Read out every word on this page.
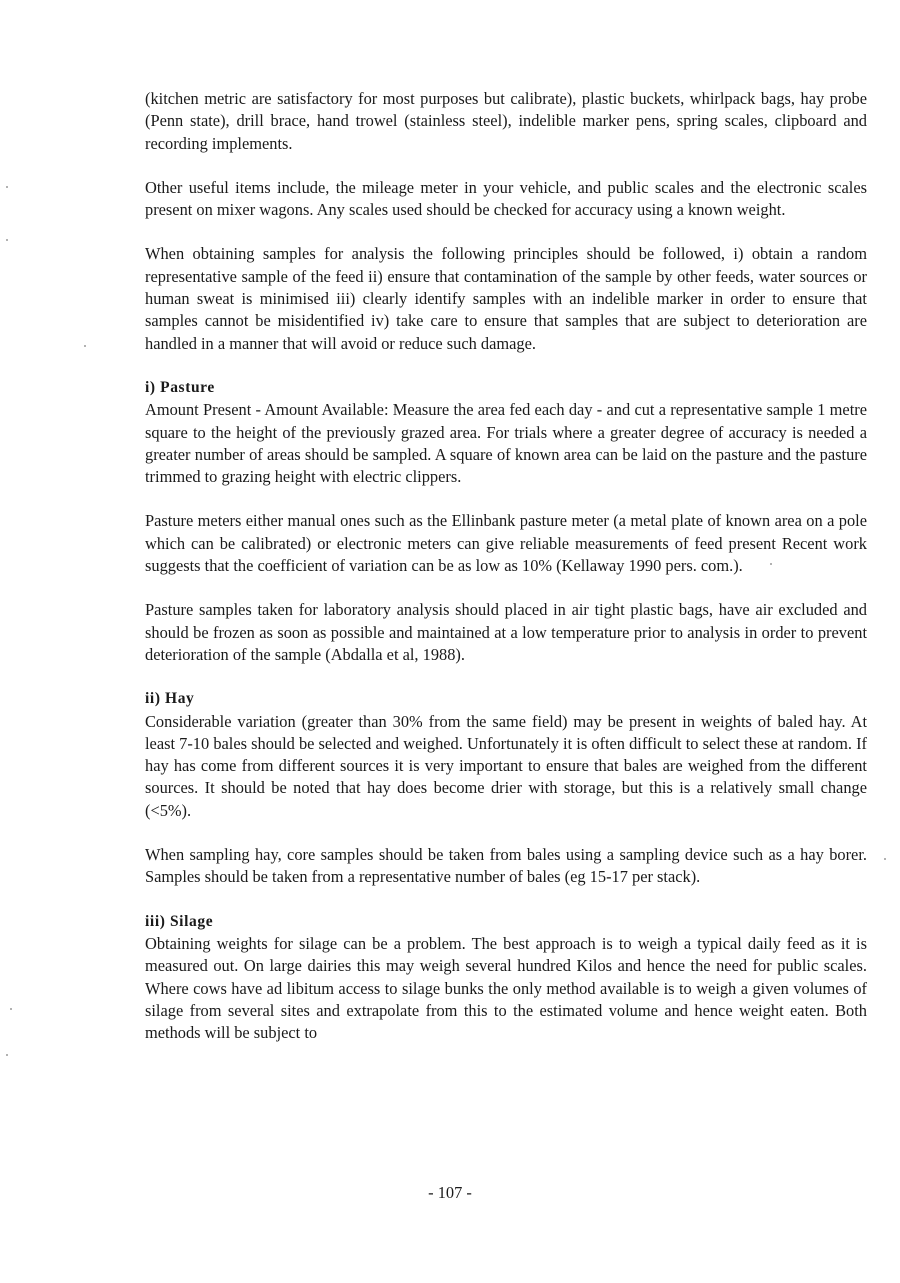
(kitchen metric are satisfactory for most purposes but calibrate), plastic buckets, whirlpack bags, hay probe (Penn state), drill brace, hand trowel (stainless steel), indelible marker pens, spring scales, clipboard and recording implements.

Other useful items include, the mileage meter in your vehicle, and public scales and the electronic scales present on mixer wagons. Any scales used should be checked for accuracy using a known weight.

When obtaining samples for analysis the following principles should be followed, i) obtain a random representative sample of the feed ii) ensure that contamination of the sample by other feeds, water sources or human sweat is minimised iii) clearly identify samples with an indelible marker in order to ensure that samples cannot be misidentified iv) take care to ensure that samples that are subject to deterioration are handled in a manner that will avoid or reduce such damage.

i) Pasture

Amount Present - Amount Available: Measure the area fed each day - and cut a representative sample 1 metre square to the height of the previously grazed area. For trials where a greater degree of accuracy is needed a greater number of areas should be sampled. A square of known area can be laid on the pasture and the pasture trimmed to grazing height with electric clippers.

Pasture meters either manual ones such as the Ellinbank pasture meter (a metal plate of known area on a pole which can be calibrated) or electronic meters can give reliable measurements of feed present Recent work suggests that the coefficient of variation can be as low as 10% (Kellaway 1990 pers. com.).

Pasture samples taken for laboratory analysis should placed in air tight plastic bags, have air excluded and should be frozen as soon as possible and maintained at a low temperature prior to analysis in order to prevent deterioration of the sample (Abdalla et al, 1988).

ii) Hay

Considerable variation (greater than 30% from the same field) may be present in weights of baled hay. At least 7-10 bales should be selected and weighed. Unfortunately it is often difficult to select these at random. If hay has come from different sources it is very important to ensure that bales are weighed from the different sources. It should be noted that hay does become drier with storage, but this is a relatively small change (<5%).

When sampling hay, core samples should be taken from bales using a sampling device such as a hay borer. Samples should be taken from a representative number of bales (eg 15-17 per stack).

iii) Silage

Obtaining weights for silage can be a problem. The best approach is to weigh a typical daily feed as it is measured out. On large dairies this may weigh several hundred Kilos and hence the need for public scales. Where cows have ad libitum access to silage bunks the only method available is to weigh a given volumes of silage from several sites and extrapolate from this to the estimated volume and hence weight eaten. Both methods will be subject to

- 107 -
